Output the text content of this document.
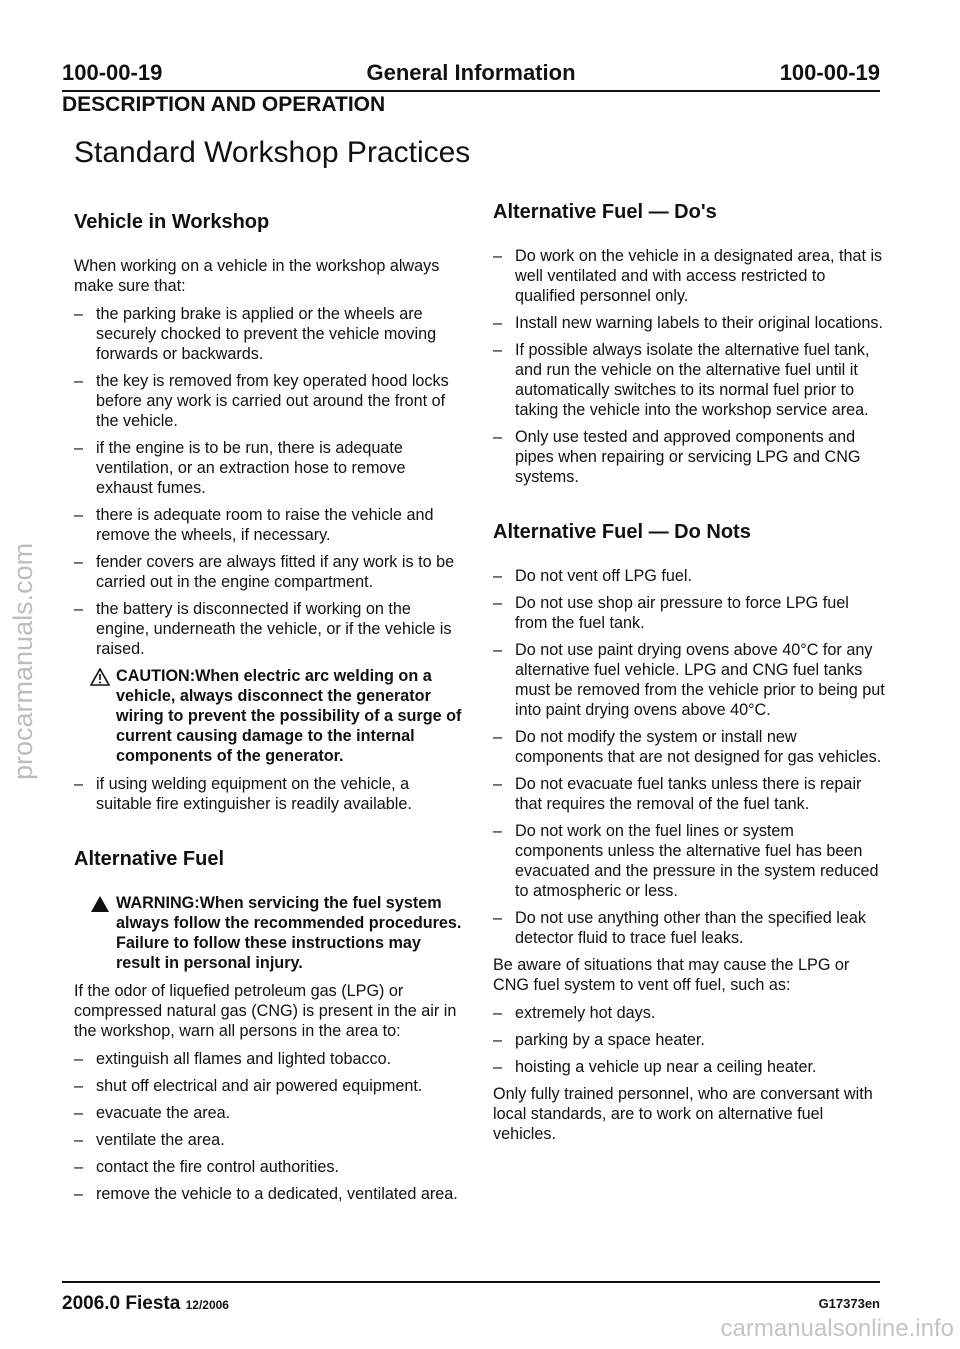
100-00-19	General Information	100-00-19
DESCRIPTION AND OPERATION
Standard Workshop Practices
Vehicle in Workshop

When working on a vehicle in the workshop always make sure that:

– the parking brake is applied or the wheels are securely chocked to prevent the vehicle moving forwards or backwards.
– the key is removed from key operated hood locks before any work is carried out around the front of the vehicle.
– if the engine is to be run, there is adequate ventilation, or an extraction hose to remove exhaust fumes.
– there is adequate room to raise the vehicle and remove the wheels, if necessary.
– fender covers are always fitted if any work is to be carried out in the engine compartment.
– the battery is disconnected if working on the engine, underneath the vehicle, or if the vehicle is raised.
CAUTION:When electric arc welding on a vehicle, always disconnect the generator wiring to prevent the possibility of a surge of current causing damage to the internal components of the generator.
– if using welding equipment on the vehicle, a suitable fire extinguisher is readily available.
Alternative Fuel
WARNING:When servicing the fuel system always follow the recommended procedures. Failure to follow these instructions may result in personal injury.

If the odor of liquefied petroleum gas (LPG) or compressed natural gas (CNG) is present in the air in the workshop, warn all persons in the area to:

– extinguish all flames and lighted tobacco.
– shut off electrical and air powered equipment.
– evacuate the area.
– ventilate the area.
– contact the fire control authorities.
– remove the vehicle to a dedicated, ventilated area.
Alternative Fuel — Do's
– Do work on the vehicle in a designated area, that is well ventilated and with access restricted to qualified personnel only.
– Install new warning labels to their original locations.
– If possible always isolate the alternative fuel tank, and run the vehicle on the alternative fuel until it automatically switches to its normal fuel prior to taking the vehicle into the workshop service area.
– Only use tested and approved components and pipes when repairing or servicing LPG and CNG systems.
Alternative Fuel — Do Nots
– Do not vent off LPG fuel.
– Do not use shop air pressure to force LPG fuel from the fuel tank.
– Do not use paint drying ovens above 40°C for any alternative fuel vehicle. LPG and CNG fuel tanks must be removed from the vehicle prior to being put into paint drying ovens above 40°C.
– Do not modify the system or install new components that are not designed for gas vehicles.
– Do not evacuate fuel tanks unless there is repair that requires the removal of the fuel tank.
– Do not work on the fuel lines or system components unless the alternative fuel has been evacuated and the pressure in the system reduced to atmospheric or less.
– Do not use anything other than the specified leak detector fluid to trace fuel leaks.

Be aware of situations that may cause the LPG or CNG fuel system to vent off fuel, such as:

– extremely hot days.
– parking by a space heater.
– hoisting a vehicle up near a ceiling heater.

Only fully trained personnel, who are conversant with local standards, are to work on alternative fuel vehicles.

2006.0 Fiesta 12/2006	G17373en
procarmanuals.com
carmanualsonline.info
